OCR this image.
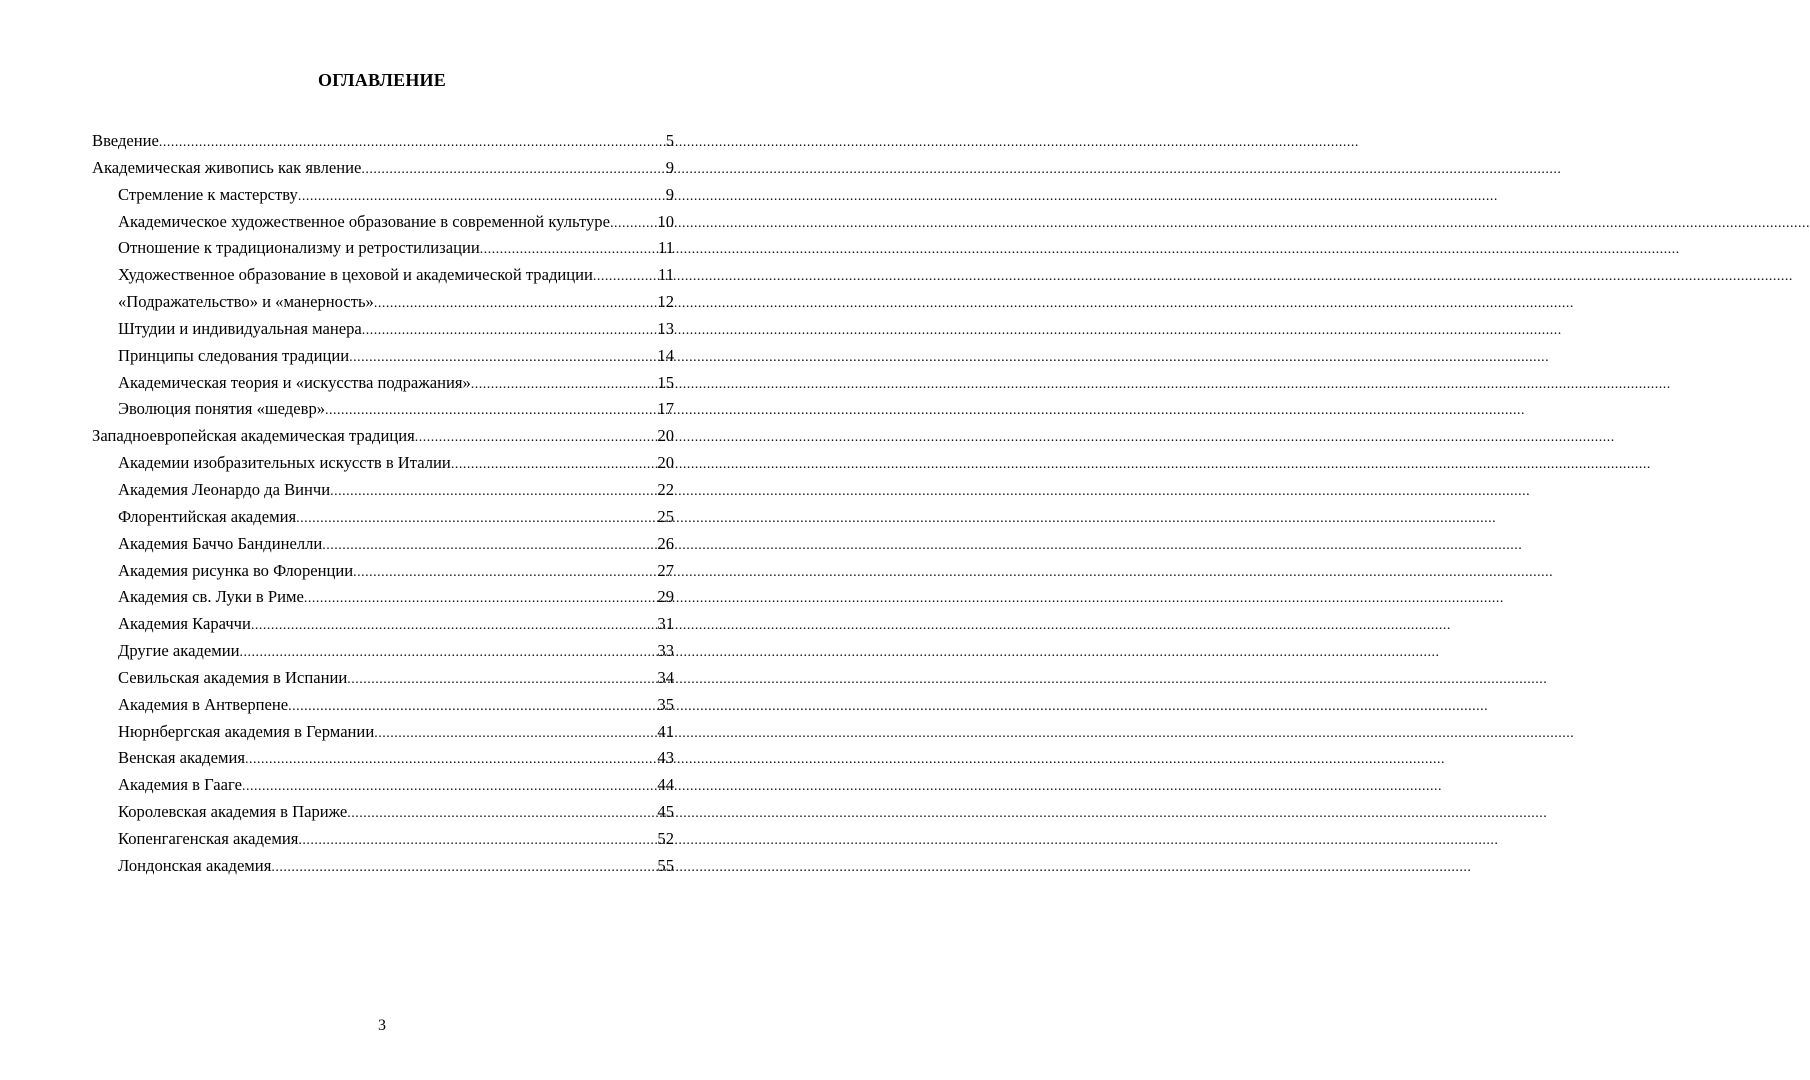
ОГЛАВЛЕНИЕ
Введение .....	5
Академическая живопись как явление .....	9
Стремление к мастерству .....	9
Академическое художественное образование в современной культуре .....	10
Отношение к традиционализму и ретростилизации .....	11
Художественное образование в цеховой и академической традиции .....	11
«Подражательство» и «манерность» .....	12
Штудии и индивидуальная манера .....	13
Принципы следования традиции .....	14
Академическая теория и «искусства подражания» .....	15
Эволюция понятия «шедевр» .....	17
Западноевропейская академическая традиция .....	20
Академии изобразительных искусств в Италии .....	20
Академия Леонардо да Винчи .....	22
Флорентийская академия .....	25
Академия Баччо Бандинелли .....	26
Академия рисунка во Флоренции .....	27
Академия св. Луки в Риме .....	29
Академия Караччи .....	31
Другие академии .....	33
Севильская академия в Испании .....	34
Академия в Антверпене .....	35
Нюрнбергская академия в Германии .....	41
Венская академия .....	43
Академия в Гааге .....	44
Королевская академия в Париже .....	45
Копенгагенская академия .....	52
Лондонская академия .....	55
3
